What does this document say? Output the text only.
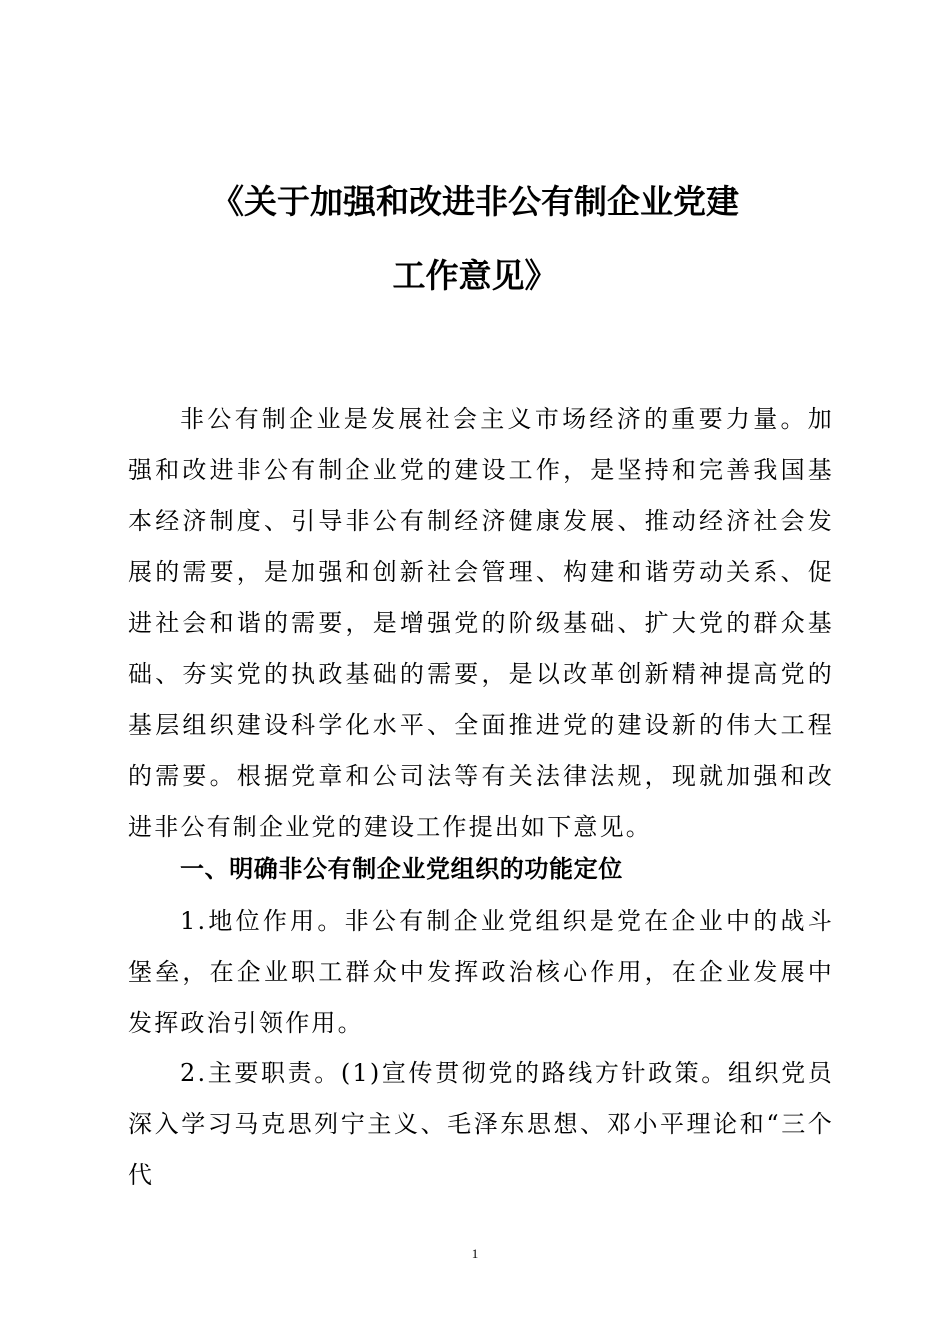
《关于加强和改进非公有制企业党建
工作意见》
非公有制企业是发展社会主义市场经济的重要力量。加强和改进非公有制企业党的建设工作，是坚持和完善我国基本经济制度、引导非公有制经济健康发展、推动经济社会发展的需要，是加强和创新社会管理、构建和谐劳动关系、促进社会和谐的需要，是增强党的阶级基础、扩大党的群众基础、夯实党的执政基础的需要，是以改革创新精神提高党的基层组织建设科学化水平、全面推进党的建设新的伟大工程的需要。根据党章和公司法等有关法律法规，现就加强和改进非公有制企业党的建设工作提出如下意见。
一、明确非公有制企业党组织的功能定位
1.地位作用。非公有制企业党组织是党在企业中的战斗堡垒，在企业职工群众中发挥政治核心作用，在企业发展中发挥政治引领作用。
2.主要职责。(1)宣传贯彻党的路线方针政策。组织党员深入学习马克思列宁主义、毛泽东思想、邓小平理论和“三个代
1
